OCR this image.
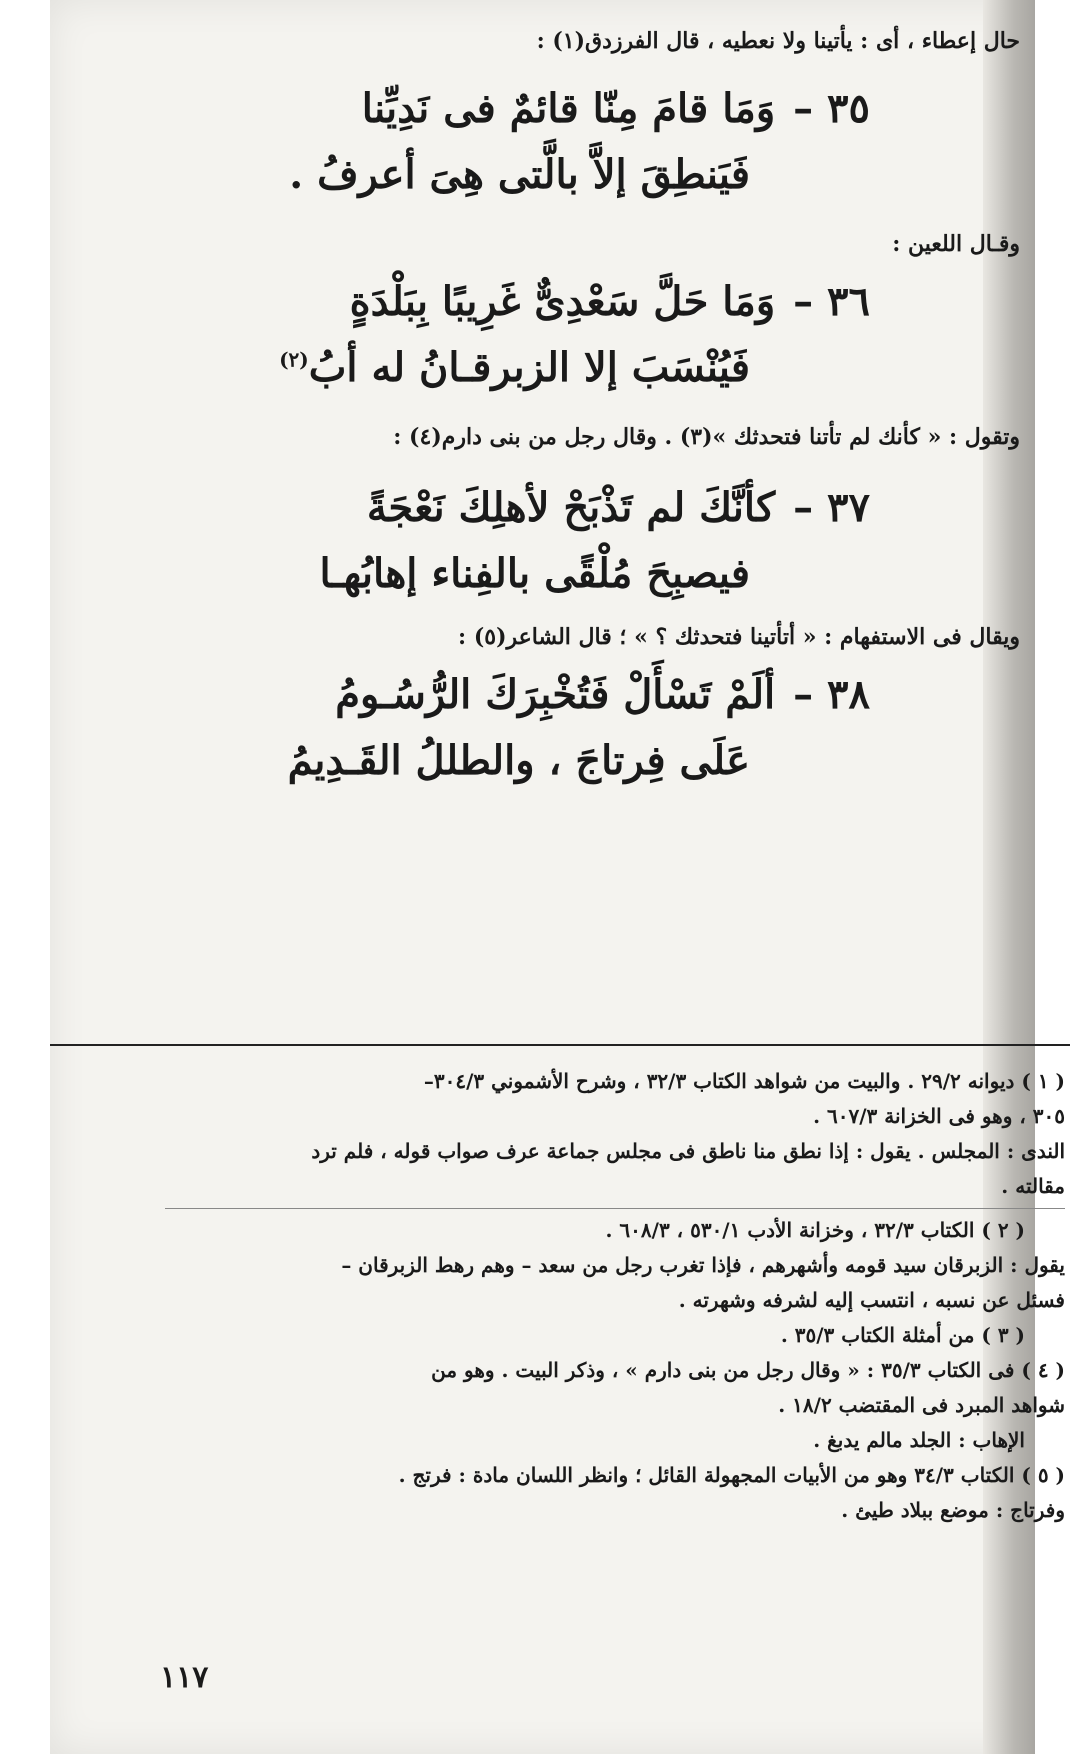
حال إعطاء ، أى : يأتينا ولا نعطيه ، قال الفرزدق(١) :

٣٥ – وَمَا قامَ مِنّا قائمٌ فى نَدِيِّنا

فَيَنطِقَ إلاَّ بالَّتى هِىَ أعرفُ .

وقـال اللعين :

٣٦ – وَمَا حَلَّ سَعْدِىٌّ غَرِيبًا بِبَلْدَةٍ

فَيُنْسَبَ إلا الزبرقـانُ له أبُ$^{(٢)}$

وتقول : « كأنك لم تأتنا فتحدثك »(٣) . وقال رجل من بنى دارم(٤) :

٣٧ – كأنَّكَ لم تَذْبَحْ لأهلِكَ نَعْجَةً

فيصبِحَ مُلْقًى بالفِناء إهابُهـا

ويقال فى الاستفهام : « أتأتينا فتحدثك ؟ » ؛ قال الشاعر(٥) :

٣٨ – ألَمْ تَسْأَلْ فَتُخْبِرَكَ الرُّسُـومُ

عَلَى فِرتاجَ ، والطللُ القَـدِيمُ

( ١ ) ديوانه ٢٩/٢ . والبيت من شواهد الكتاب ٣٢/٣ ، وشرح الأشموني ٣٠٤/٣–

٣٠٥ ، وهو فى الخزانة ٦٠٧/٣ .

الندى : المجلس . يقول : إذا نطق منا ناطق فى مجلس جماعة عرف صواب قوله ، فلم ترد

مقالته .

( ٢ ) الكتاب ٣٢/٣ ، وخزانة الأدب ٥٣٠/١ ، ٦٠٨/٣ .

يقول : الزبرقان سيد قومه وأشهرهم ، فإذا تغرب رجل من سعد – وهم رهط الزبرقان –

فسئل عن نسبه ، انتسب إليه لشرفه وشهرته .

( ٣ ) من أمثلة الكتاب ٣٥/٣ .

( ٤ ) فى الكتاب ٣٥/٣ : « وقال رجل من بنى دارم » ، وذكر البيت . وهو من

شواهد المبرد فى المقتضب ١٨/٢ .

الإهاب : الجلد مالم يدبغ .

( ٥ ) الكتاب ٣٤/٣ وهو من الأبيات المجهولة القائل ؛ وانظر اللسان مادة : فرتج .

وفرتاج : موضع ببلاد طيئ .

١١٧
